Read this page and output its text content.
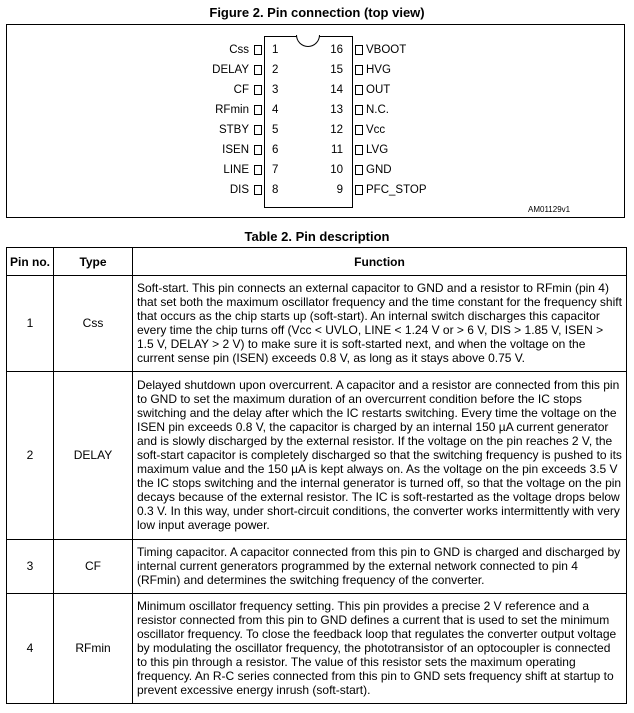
Figure 2. Pin connection (top view)
Css 1
DELAY 2
CF 3
RFmin 4
STBY 5
ISEN 6
LINE 7
DIS 8
16 VBOOT
15 HVG
14 OUT
13 N.C.
12 Vcc
11 LVG
10 GND
9 PFC_STOP
AM01129v1
Table 2. Pin description
Pin no.	Type	Function
1	Css	Soft-start. This pin connects an external capacitor to GND and a resistor to RFmin (pin 4) that set both the maximum oscillator frequency and the time constant for the frequency shift that occurs as the chip starts up (soft-start). An internal switch discharges this capacitor every time the chip turns off (Vcc < UVLO, LINE < 1.24 V or > 6 V, DIS > 1.85 V, ISEN > 1.5 V, DELAY > 2 V) to make sure it is soft-started next, and when the voltage on the current sense pin (ISEN) exceeds 0.8 V, as long as it stays above 0.75 V.
2	DELAY	Delayed shutdown upon overcurrent. A capacitor and a resistor are connected from this pin to GND to set the maximum duration of an overcurrent condition before the IC stops switching and the delay after which the IC restarts switching. Every time the voltage on the ISEN pin exceeds 0.8 V, the capacitor is charged by an internal 150 µA current generator and is slowly discharged by the external resistor. If the voltage on the pin reaches 2 V, the soft-start capacitor is completely discharged so that the switching frequency is pushed to its maximum value and the 150 µA is kept always on. As the voltage on the pin exceeds 3.5 V the IC stops switching and the internal generator is turned off, so that the voltage on the pin decays because of the external resistor. The IC is soft-restarted as the voltage drops below 0.3 V. In this way, under short-circuit conditions, the converter works intermittently with very low input average power.
3	CF	Timing capacitor. A capacitor connected from this pin to GND is charged and discharged by internal current generators programmed by the external network connected to pin 4 (RFmin) and determines the switching frequency of the converter.
4	RFmin	Minimum oscillator frequency setting. This pin provides a precise 2 V reference and a resistor connected from this pin to GND defines a current that is used to set the minimum oscillator frequency. To close the feedback loop that regulates the converter output voltage by modulating the oscillator frequency, the phototransistor of an optocoupler is connected to this pin through a resistor. The value of this resistor sets the maximum operating frequency. An R-C series connected from this pin to GND sets frequency shift at startup to prevent excessive energy inrush (soft-start).
